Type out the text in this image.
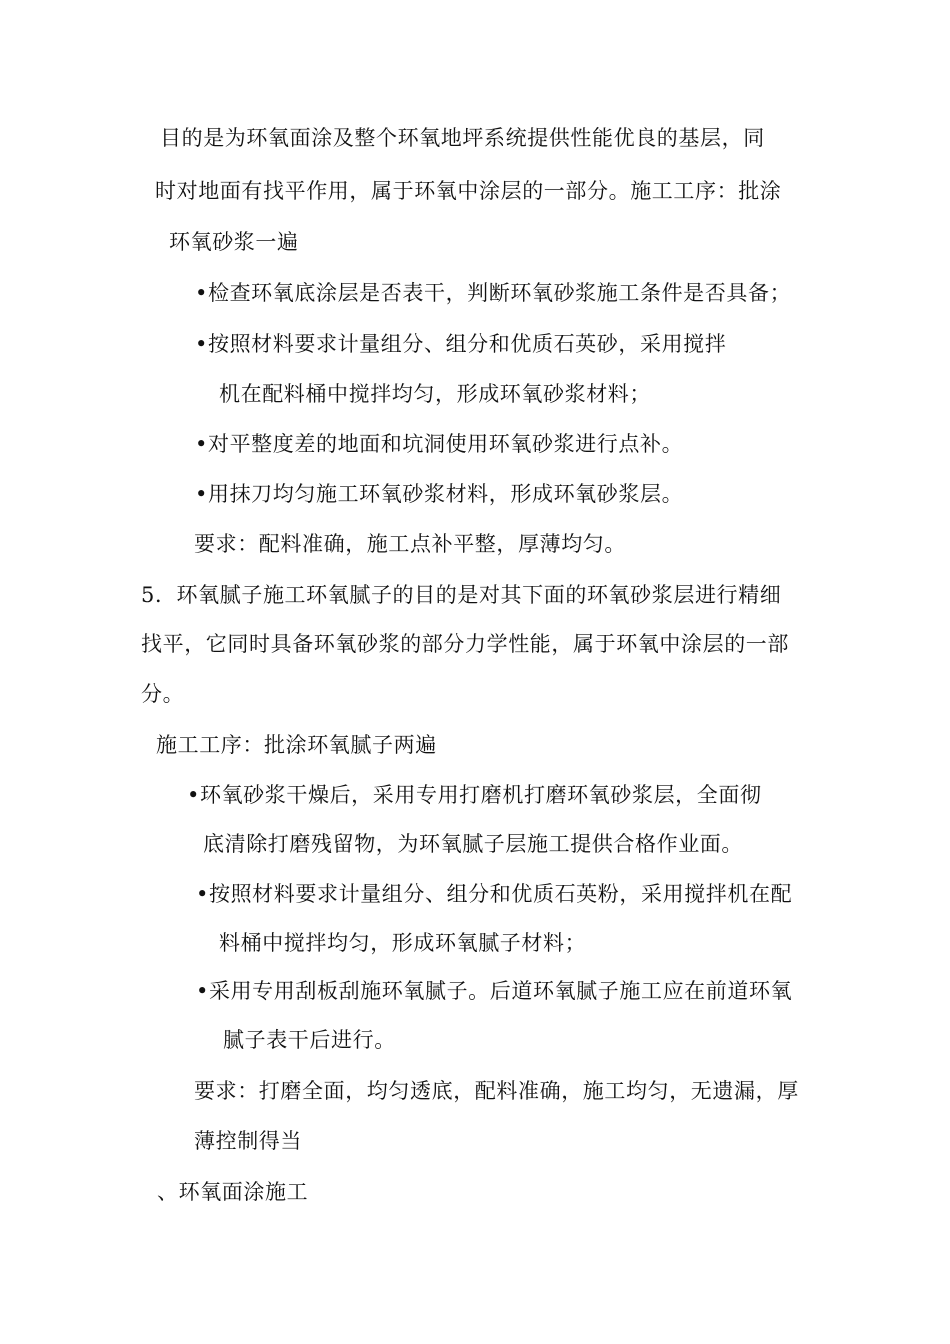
目的是为环氧面涂及整个环氧地坪系统提供性能优良的基层，同
时对地面有找平作用，属于环氧中涂层的一部分。施工工序：批涂
环氧砂浆一遍
•检查环氧底涂层是否表干，判断环氧砂浆施工条件是否具备；
•按照材料要求计量组分、组分和优质石英砂，采用搅拌
机在配料桶中搅拌均匀，形成环氧砂浆材料；
•对平整度差的地面和坑洞使用环氧砂浆进行点补。
•用抹刀均匀施工环氧砂浆材料，形成环氧砂浆层。
要求：配料准确，施工点补平整，厚薄均匀。
5．环氧腻子施工环氧腻子的目的是对其下面的环氧砂浆层进行精细
找平，它同时具备环氧砂浆的部分力学性能，属于环氧中涂层的一部
分。
施工工序：批涂环氧腻子两遍
•环氧砂浆干燥后，采用专用打磨机打磨环氧砂浆层，全面彻
底清除打磨残留物，为环氧腻子层施工提供合格作业面。
•按照材料要求计量组分、组分和优质石英粉，采用搅拌机在配
料桶中搅拌均匀，形成环氧腻子材料；
•采用专用刮板刮施环氧腻子。后道环氧腻子施工应在前道环氧
腻子表干后进行。
要求：打磨全面，均匀透底，配料准确，施工均匀，无遗漏，厚
薄控制得当
、环氧面涂施工
